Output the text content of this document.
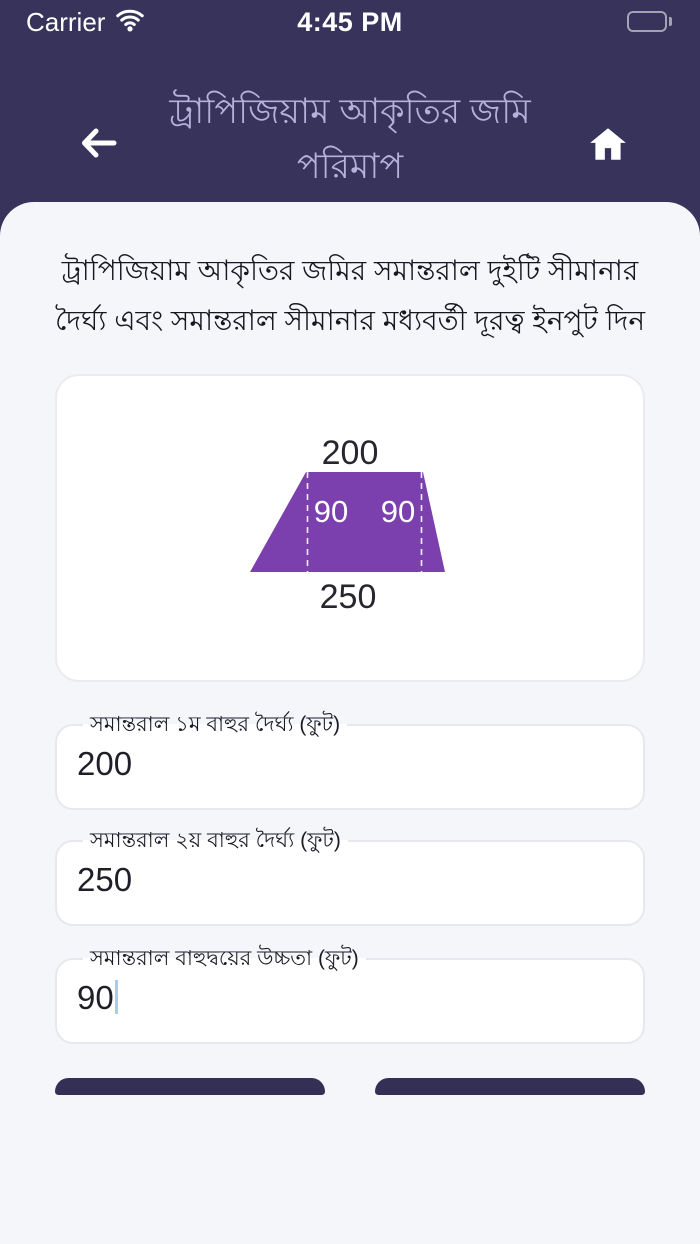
Carrier	4:45 PM
ট্রাপিজিয়াম আকৃতির জমি পরিমাপ
ট্রাপিজিয়াম আকৃতির জমির সমান্তরাল দুইটি সীমানার দৈর্ঘ্য এবং সমান্তরাল সীমানার মধ্যবর্তী দূরত্ব ইনপুট দিন
200
90 90
250
সমান্তরাল ১ম বাহুর দৈর্ঘ্য (ফুট)
200
সমান্তরাল ২য় বাহুর দৈর্ঘ্য (ফুট)
250
সমান্তরাল বাহুদ্বয়ের উচ্চতা (ফুট)
90
